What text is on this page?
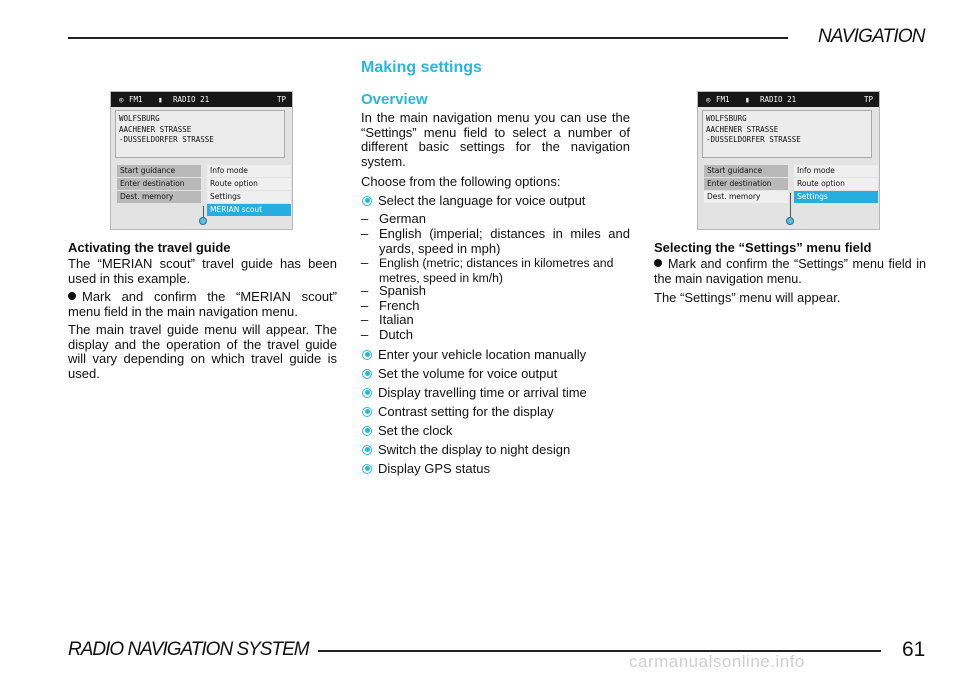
NAVIGATION
Making settings
◎ FM1 ▮ RADIO 21	TP
WOLFSBURG
AACHENER STRASSE
-DUSSELDORFER STRASSE
Start guidance
Enter destination
Dest. memory
Info mode
Route option
Settings
MERIAN scout
Activating the travel guide

The “MERIAN scout” travel guide has been used in this example.

Mark and confirm the “MERIAN scout” menu field in the main navigation menu.

The main travel guide menu will appear. The display and the operation of the travel guide will vary depending on which travel guide is used.

Overview

In the main navigation menu you can use the “Settings” menu field to select a number of different basic settings for the navigation system.

Choose from the following options:

Select the language for voice output
– German
– English (imperial; distances in miles and yards, speed in mph)
– English (metric; distances in kilometres and metres, speed in km/h)
– Spanish
– French
– Italian
– Dutch
Enter your vehicle location manually
Set the volume for voice output
Display travelling time or arrival time
Contrast setting for the display
Set the clock
Switch the display to night design
Display GPS status
◎ FM1 ▮ RADIO 21	TP
WOLFSBURG
AACHENER STRASSE
-DUSSELDORFER STRASSE
Start guidance
Enter destination
Dest. memory
Info mode
Route option
Settings
Selecting the “Settings” menu field
Mark and confirm the “Settings” menu field in the main navigation menu.

The “Settings” menu will appear.

RADIO NAVIGATION SYSTEM	61
carmanualsonline.info
